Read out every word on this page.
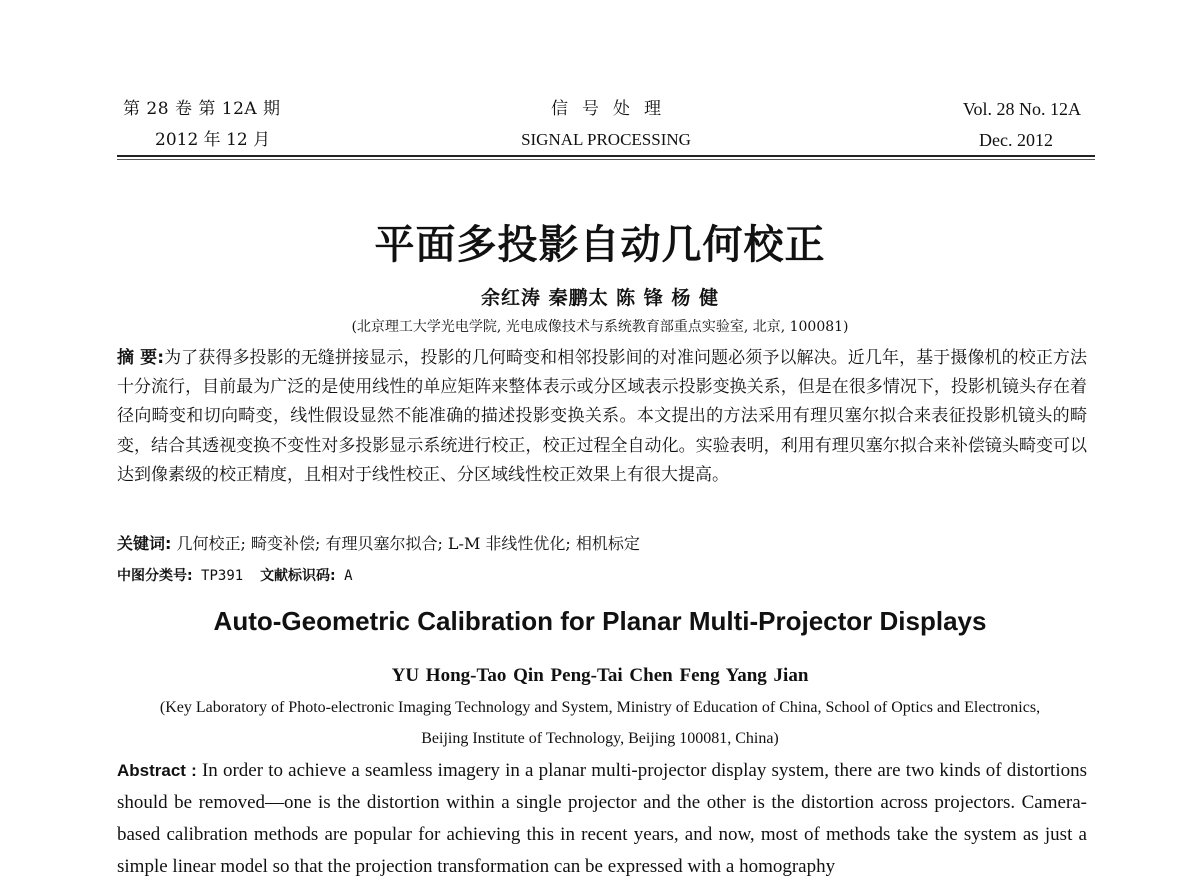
第 28 卷 第 12A 期
2012 年 12 月
信号处理
SIGNAL PROCESSING
Vol. 28 No. 12A
Dec. 2012
平面多投影自动几何校正
余红涛 秦鹏太 陈 锋 杨 健
(北京理工大学光电学院, 光电成像技术与系统教育部重点实验室, 北京, 100081)

摘 要:为了获得多投影的无缝拼接显示，投影的几何畸变和相邻投影间的对准问题必须予以解决。近几年，基于摄像机的校正方法十分流行，目前最为广泛的是使用线性的单应矩阵来整体表示或分区域表示投影变换关系，但是在很多情况下，投影机镜头存在着径向畸变和切向畸变，线性假设显然不能准确的描述投影变换关系。本文提出的方法采用有理贝塞尔拟合来表征投影机镜头的畸变，结合其透视变换不变性对多投影显示系统进行校正，校正过程全自动化。实验表明，利用有理贝塞尔拟合来补偿镜头畸变可以达到像素级的校正精度，且相对于线性校正、分区域线性校正效果上有很大提高。

关键词: 几何校正; 畸变补偿; 有理贝塞尔拟合; L-M 非线性优化; 相机标定
中图分类号: TP391 文献标识码: A
Auto-Geometric Calibration for Planar Multi-Projector Displays
YU Hong-Tao Qin Peng-Tai Chen Feng Yang Jian
(Key Laboratory of Photo-electronic Imaging Technology and System, Ministry of Education of China, School of Optics and Electronics, Beijing Institute of Technology, Beijing 100081, China)

Abstract : In order to achieve a seamless imagery in a planar multi-projector display system, there are two kinds of distortions should be removed—one is the distortion within a single projector and the other is the distortion across projectors. Camera-based calibration methods are popular for achieving this in recent years, and now, most of methods take the system as just a simple linear model so that the projection transformation can be expressed with a homography
